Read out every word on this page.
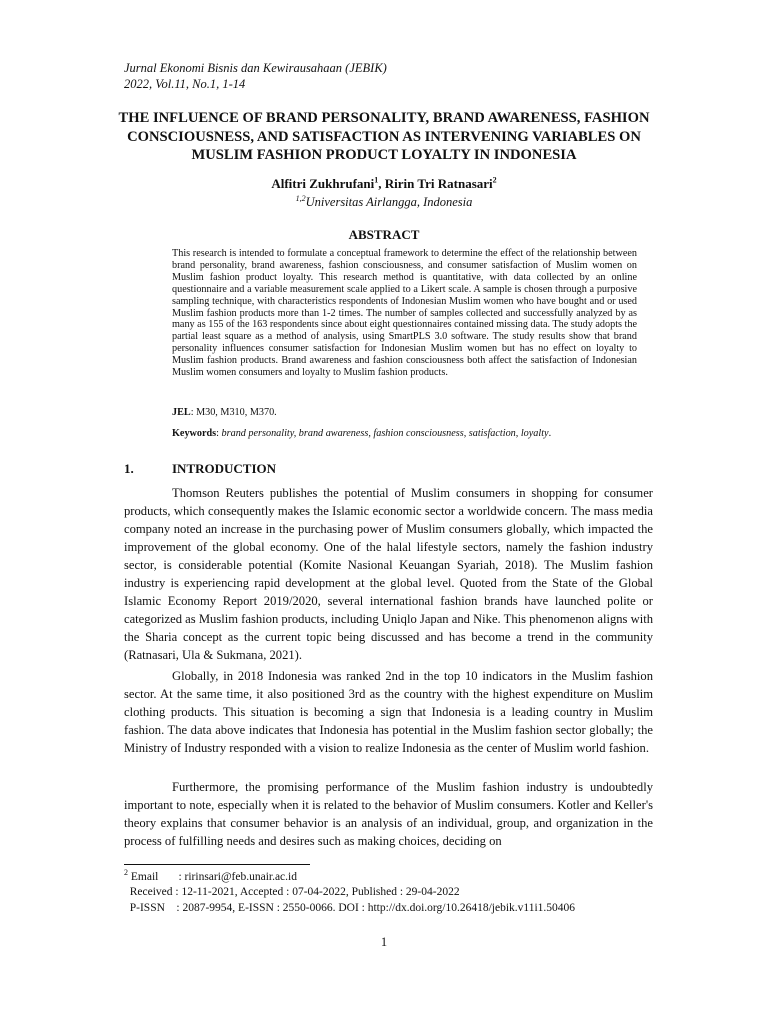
Jurnal Ekonomi Bisnis dan Kewirausahaan (JEBIK)
2022, Vol.11, No.1, 1-14
THE INFLUENCE OF BRAND PERSONALITY, BRAND AWARENESS, FASHION CONSCIOUSNESS, AND SATISFACTION AS INTERVENING VARIABLES ON MUSLIM FASHION PRODUCT LOYALTY IN INDONESIA
Alfitri Zukhrufani$^1$, Ririn Tri Ratnasari$^2$
$^{1,2}$Universitas Airlangga, Indonesia
ABSTRACT

This research is intended to formulate a conceptual framework to determine the effect of the relationship between brand personality, brand awareness, fashion consciousness, and consumer satisfaction of Muslim women on Muslim fashion product loyalty. This research method is quantitative, with data collected by an online questionnaire and a variable measurement scale applied to a Likert scale. A sample is chosen through a purposive sampling technique, with characteristics respondents of Indonesian Muslim women who have bought and or used Muslim fashion products more than 1-2 times. The number of samples collected and successfully analyzed by as many as 155 of the 163 respondents since about eight questionnaires contained missing data. The study adopts the partial least square as a method of analysis, using SmartPLS 3.0 software. The study results show that brand personality influences consumer satisfaction for Indonesian Muslim women but has no effect on loyalty to Muslim fashion products. Brand awareness and fashion consciousness both affect the satisfaction of Indonesian Muslim women consumers and loyalty to Muslim fashion products.

JEL: M30, M310, M370.
Keywords: brand personality, brand awareness, fashion consciousness, satisfaction, loyalty.
1.	INTRODUCTION

Thomson Reuters publishes the potential of Muslim consumers in shopping for consumer products, which consequently makes the Islamic economic sector a worldwide concern. The mass media company noted an increase in the purchasing power of Muslim consumers globally, which impacted the improvement of the global economy. One of the halal lifestyle sectors, namely the fashion industry sector, is considerable potential (Komite Nasional Keuangan Syariah, 2018). The Muslim fashion industry is experiencing rapid development at the global level. Quoted from the State of the Global Islamic Economy Report 2019/2020, several international fashion brands have launched polite or categorized as Muslim fashion products, including Uniqlo Japan and Nike. This phenomenon aligns with the Sharia concept as the current topic being discussed and has become a trend in the community (Ratnasari, Ula & Sukmana, 2021).

Globally, in 2018 Indonesia was ranked 2nd in the top 10 indicators in the Muslim fashion sector. At the same time, it also positioned 3rd as the country with the highest expenditure on Muslim clothing products. This situation is becoming a sign that Indonesia is a leading country in Muslim fashion. The data above indicates that Indonesia has potential in the Muslim fashion sector globally; the Ministry of Industry responded with a vision to realize Indonesia as the center of Muslim world fashion.

Furthermore, the promising performance of the Muslim fashion industry is undoubtedly important to note, especially when it is related to the behavior of Muslim consumers. Kotler and Keller's theory explains that consumer behavior is an analysis of an individual, group, and organization in the process of fulfilling needs and desires such as making choices, deciding on

$^2$ Email       : ririnsari@feb.unair.ac.id
Received : 12-11-2021, Accepted : 07-04-2022, Published : 29-04-2022
P-ISSN    : 2087-9954, E-ISSN : 2550-0066. DOI : http://dx.doi.org/10.26418/jebik.v11i1.50406
1
